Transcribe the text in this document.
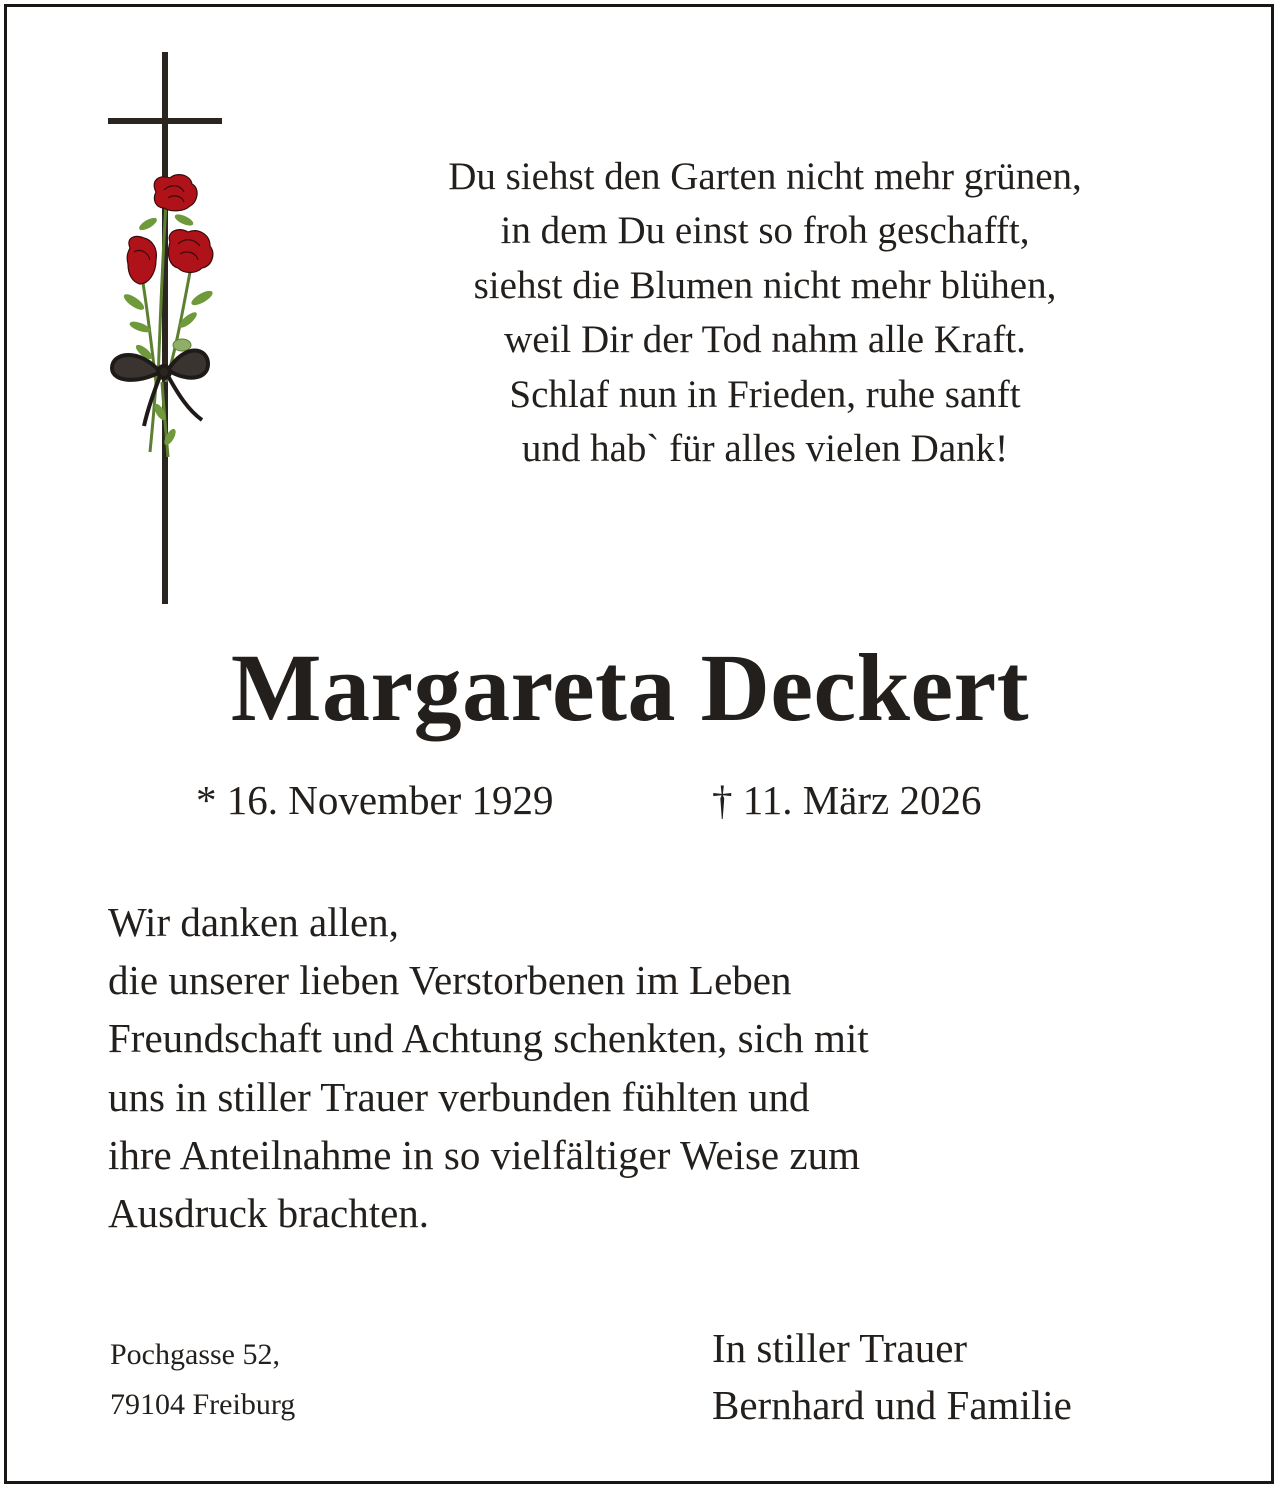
Du siehst den Garten nicht mehr grünen,
in dem Du einst so froh geschafft,
siehst die Blumen nicht mehr blühen,
weil Dir der Tod nahm alle Kraft.
Schlaf nun in Frieden, ruhe sanft
und hab` für alles vielen Dank!
Margareta Deckert
* 16. November 1929	† 11. März 2026
Wir danken allen,
die unserer lieben Verstorbenen im Leben
Freundschaft und Achtung schenkten, sich mit
uns in stiller Trauer verbunden fühlten und
ihre Anteilnahme in so vielfältiger Weise zum
Ausdruck brachten.
Pochgasse 52,
79104 Freiburg
In stiller Trauer
Bernhard und Familie
